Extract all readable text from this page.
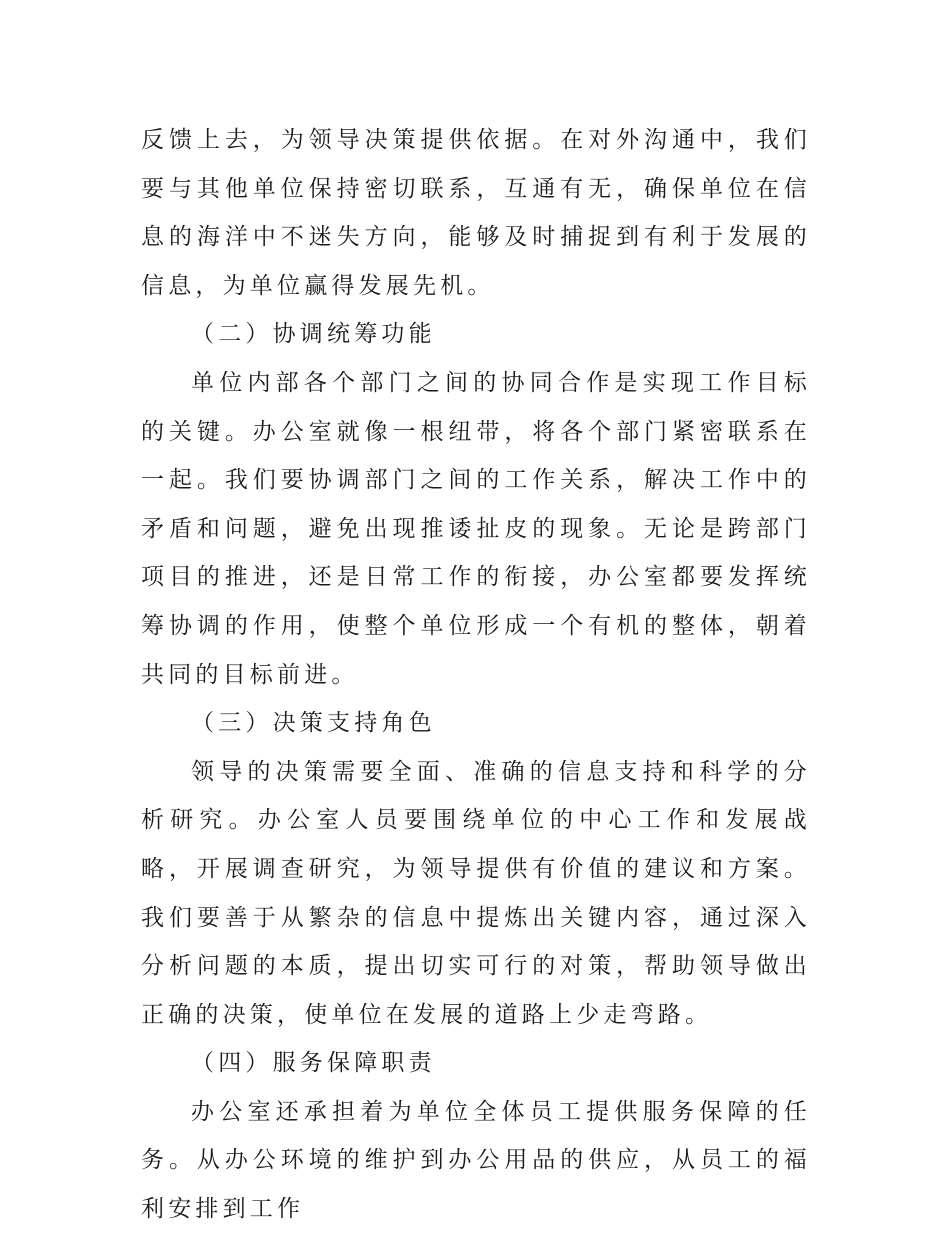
反馈上去，为领导决策提供依据。在对外沟通中，我们要与其他单位保持密切联系，互通有无，确保单位在信息的海洋中不迷失方向，能够及时捕捉到有利于发展的信息，为单位赢得发展先机。

（二）协调统筹功能

单位内部各个部门之间的协同合作是实现工作目标的关键。办公室就像一根纽带，将各个部门紧密联系在一起。我们要协调部门之间的工作关系，解决工作中的矛盾和问题，避免出现推诿扯皮的现象。无论是跨部门项目的推进，还是日常工作的衔接，办公室都要发挥统筹协调的作用，使整个单位形成一个有机的整体，朝着共同的目标前进。

（三）决策支持角色

领导的决策需要全面、准确的信息支持和科学的分析研究。办公室人员要围绕单位的中心工作和发展战略，开展调查研究，为领导提供有价值的建议和方案。我们要善于从繁杂的信息中提炼出关键内容，通过深入分析问题的本质，提出切实可行的对策，帮助领导做出正确的决策，使单位在发展的道路上少走弯路。

（四）服务保障职责

办公室还承担着为单位全体员工提供服务保障的任务。从办公环境的维护到办公用品的供应，从员工的福利安排到工作
